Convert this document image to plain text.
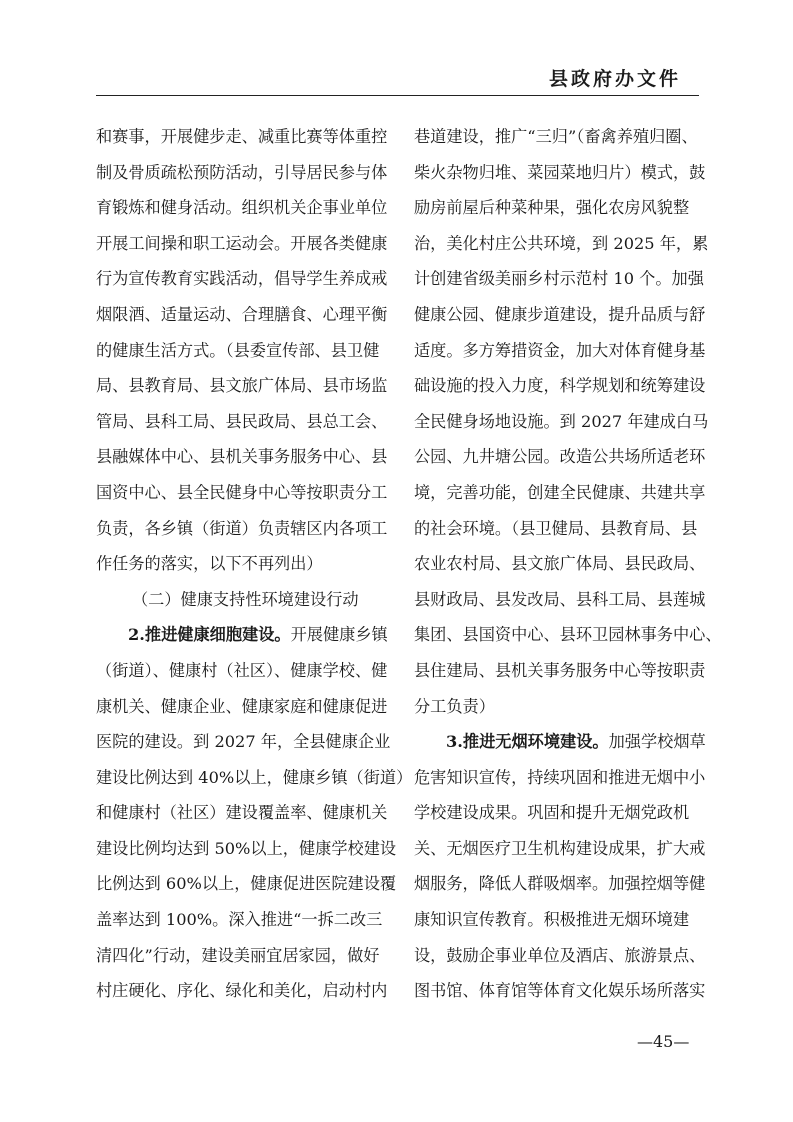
县政府办文件
和赛事，开展健步走、减重比赛等体重控
制及骨质疏松预防活动，引导居民参与体
育锻炼和健身活动。组织机关企事业单位
开展工间操和职工运动会。开展各类健康
行为宣传教育实践活动，倡导学生养成戒
烟限酒、适量运动、合理膳食、心理平衡
的健康生活方式。（县委宣传部、县卫健
局、县教育局、县文旅广体局、县市场监
管局、县科工局、县民政局、县总工会、
县融媒体中心、县机关事务服务中心、县
国资中心、县全民健身中心等按职责分工
负责，各乡镇（街道）负责辖区内各项工
作任务的落实，以下不再列出）
（二）健康支持性环境建设行动
2.推进健康细胞建设。开展健康乡镇
（街道）、健康村（社区）、健康学校、健
康机关、健康企业、健康家庭和健康促进
医院的建设。到 2027 年，全县健康企业
建设比例达到 40%以上，健康乡镇（街道）
和健康村（社区）建设覆盖率、健康机关
建设比例均达到 50%以上，健康学校建设
比例达到 60%以上，健康促进医院建设覆
盖率达到 100%。深入推进“一拆二改三
清四化”行动，建设美丽宜居家园，做好
村庄硬化、序化、绿化和美化，启动村内
巷道建设，推广“三归”（畜禽养殖归圈、
柴火杂物归堆、菜园菜地归片）模式，鼓
励房前屋后种菜种果，强化农房风貌整
治，美化村庄公共环境，到 2025 年，累
计创建省级美丽乡村示范村 10 个。加强
健康公园、健康步道建设，提升品质与舒
适度。多方筹措资金，加大对体育健身基
础设施的投入力度，科学规划和统筹建设
全民健身场地设施。到 2027 年建成白马
公园、九井塘公园。改造公共场所适老环
境，完善功能，创建全民健康、共建共享
的社会环境。（县卫健局、县教育局、县
农业农村局、县文旅广体局、县民政局、
县财政局、县发改局、县科工局、县莲城
集团、县国资中心、县环卫园林事务中心、
县住建局、县机关事务服务中心等按职责
分工负责）
3.推进无烟环境建设。加强学校烟草
危害知识宣传，持续巩固和推进无烟中小
学校建设成果。巩固和提升无烟党政机
关、无烟医疗卫生机构建设成果，扩大戒
烟服务，降低人群吸烟率。加强控烟等健
康知识宣传教育。积极推进无烟环境建
设，鼓励企事业单位及酒店、旅游景点、
图书馆、体育馆等体育文化娱乐场所落实
—45—
